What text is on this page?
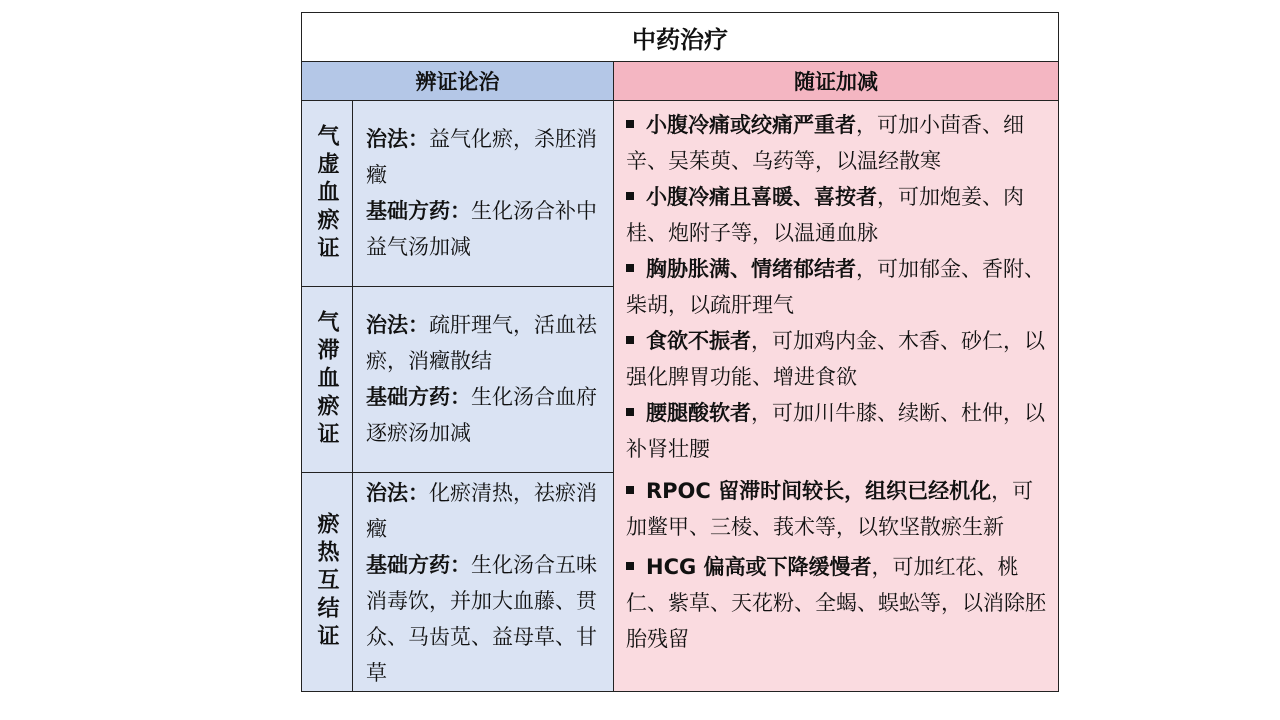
中药治疗
辨证论治	随证加减
气虚血瘀证 治法：益气化瘀，杀胚消癥
基础方药：生化汤合补中益气汤加减
气滞血瘀证 治法：疏肝理气，活血祛瘀，消癥散结
基础方药：生化汤合血府逐瘀汤加减
瘀热互结证
治法：化瘀清热，祛瘀消癥
基础方药：生化汤合五味消毒饮，并加大血藤、贯众、马齿苋、益母草、甘草

小腹冷痛或绞痛严重者，可加小茴香、细辛、吴茱萸、乌药等，以温经散寒

小腹冷痛且喜暖、喜按者，可加炮姜、肉桂、炮附子等，以温通血脉

胸胁胀满、情绪郁结者，可加郁金、香附、柴胡，以疏肝理气

食欲不振者，可加鸡内金、木香、砂仁，以强化脾胃功能、增进食欲

腰腿酸软者，可加川牛膝、续断、杜仲，以补肾壮腰

RPOC 留滞时间较长，组织已经机化，可加鳖甲、三棱、莪术等，以软坚散瘀生新

HCG 偏高或下降缓慢者，可加红花、桃仁、紫草、天花粉、全蝎、蜈蚣等，以消除胚胎残留
